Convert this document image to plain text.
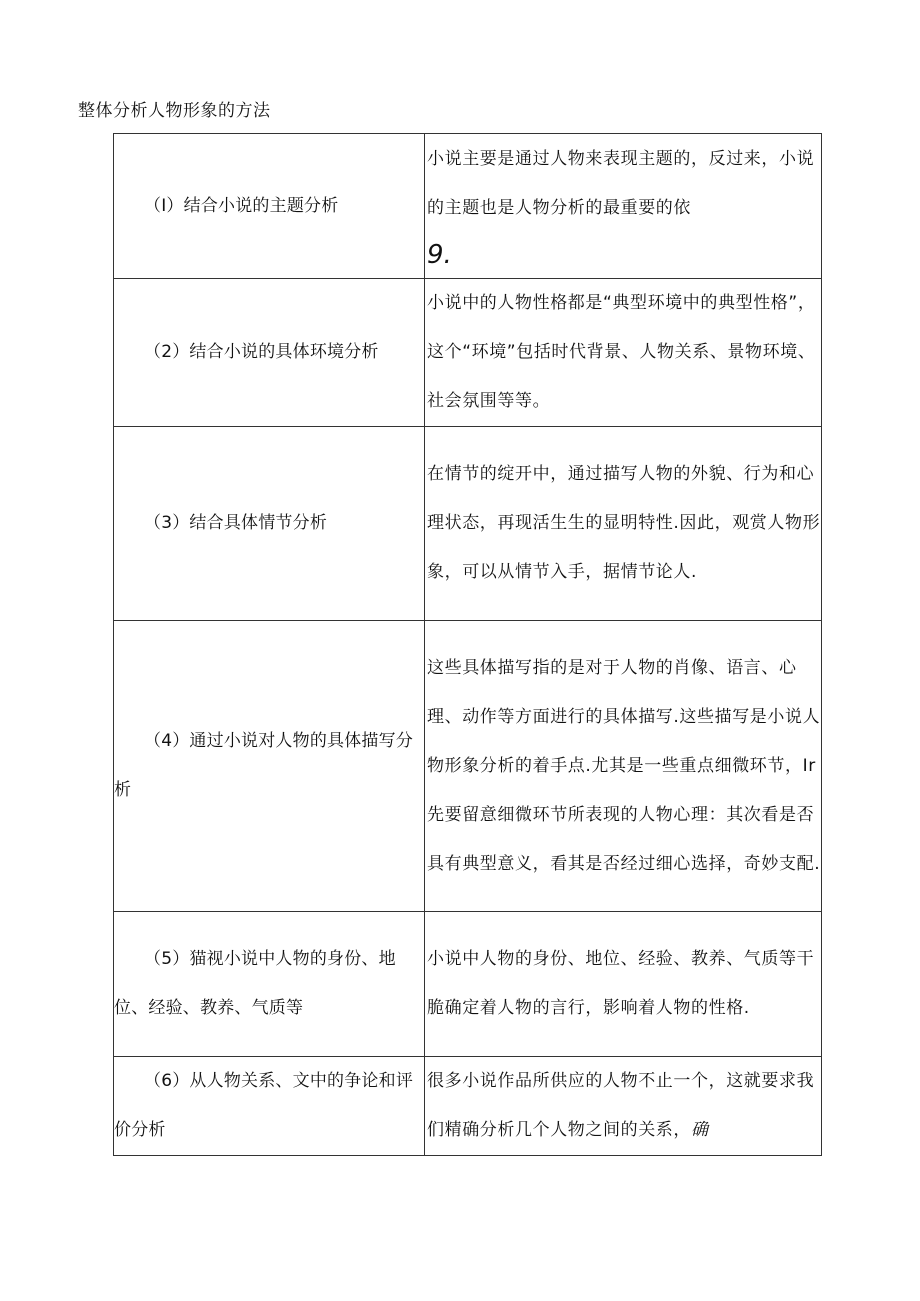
整体分析人物形象的方法
（I）结合小说的主题分析	小说主要是通过人物来表现主题的，反过来，小说的主题也是人物分析的最重要的依
9.

（2）结合小说的具体环境分析	小说中的人物性格都是“典型环境中的典型性格”，这个“环境”包括时代背景、人物关系、景物环境、社会氛围等等。

（3）结合具体情节分析	在情节的绽开中，通过描写人物的外貌、行为和心理状态，再现活生生的显明特性.因此，观赏人物形象，可以从情节入手，据情节论人.

（4）通过小说对人物的具体描写分析	这些具体描写指的是对于人物的肖像、语言、心理、动作等方面进行的具体描写.这些描写是小说人物形象分析的着手点.尤其是一些重点细微环节，Ir先要留意细微环节所表现的人物心理：其次看是否具有典型意义，看其是否经过细心选择，奇妙支配.

（5）猫视小说中人物的身份、地位、经验、教养、气质等	小说中人物的身份、地位、经验、教养、气质等干脆确定着人物的言行，影响着人物的性格.

（6）从人物关系、文中的争论和评价分析	很多小说作品所供应的人物不止一个，这就要求我们精确分析几个人物之间的关系，确
